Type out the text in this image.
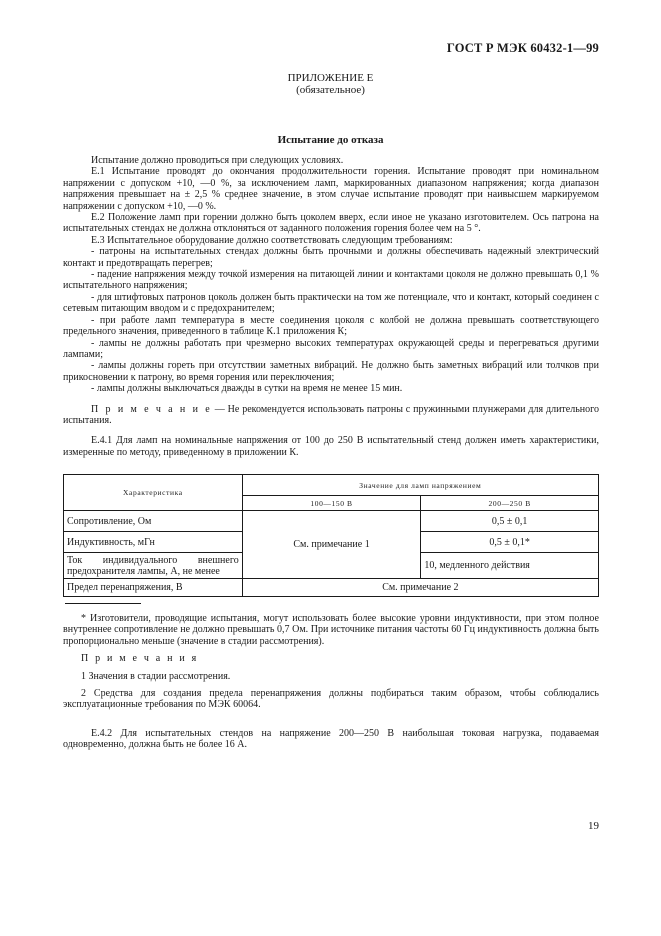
ГОСТ Р МЭК 60432-1—99
ПРИЛОЖЕНИЕ Е
(обязательное)
Испытание до отказа

Испытание должно проводиться при следующих условиях.

Е.1 Испытание проводят до окончания продолжительности горения. Испытание проводят при номинальном напряжении с допуском +10, —0 %, за исключением ламп, маркированных диапазоном напряжения; когда диапазон напряжения превышает на ± 2,5 % среднее значение, в этом случае испытание проводят при наивысшем маркируемом напряжении с допуском +10, —0 %.

Е.2 Положение ламп при горении должно быть цоколем вверх, если иное не указано изготовителем. Ось патрона на испытательных стендах не должна отклоняться от заданного положения горения более чем на 5 °.

Е.3 Испытательное оборудование должно соответствовать следующим требованиям:

- патроны на испытательных стендах должны быть прочными и должны обеспечивать надежный электрический контакт и предотвращать перегрев;

- падение напряжения между точкой измерения на питающей линии и контактами цоколя не должно превышать 0,1 % испытательного напряжения;

- для штифтовых патронов цоколь должен быть практически на том же потенциале, что и контакт, который соединен с сетевым питающим вводом и с предохранителем;

- при работе ламп температура в месте соединения цоколя с колбой не должна превышать соответствующего предельного значения, приведенного в таблице К.1 приложения К;

- лампы не должны работать при чрезмерно высоких температурах окружающей среды и перегреваться другими лампами;

- лампы должны гореть при отсутствии заметных вибраций. Не должно быть заметных вибраций или толчков при прикосновении к патрону, во время горения или переключения;

- лампы должны выключаться дважды в сутки на время не менее 15 мин.

П р и м е ч а н и е — Не рекомендуется использовать патроны с пружинными плунжерами для длительного испытания.

Е.4.1 Для ламп на номинальные напряжения от 100 до 250 В испытательный стенд должен иметь характеристики, измеренные по методу, приведенному в приложении К.

Характеристика	Значение для ламп напряжением	
	100—150 В	200—250 В
Сопротивление, Ом	См. примечание 1	0,5 ± 0,1
Индуктивность, мГн		0,5 ± 0,1*
Ток индивидуального внешнего предохранителя лампы, А, не менее		10, медленного действия
Предел перенапряжения, В	См. примечание 2	

* Изготовители, проводящие испытания, могут использовать более высокие уровни индуктивности, при этом полное внутреннее сопротивление не должно превышать 0,7 Ом. При источнике питания частоты 60 Гц индуктивность должна быть пропорционально меньше (значение в стадии рассмотрения).

П р и м е ч а н и я

1 Значения в стадии рассмотрения.

2 Средства для создания предела перенапряжения должны подбираться таким образом, чтобы соблюдались эксплуатационные требования по МЭК 60064.

Е.4.2 Для испытательных стендов на напряжение 200—250 В наибольшая токовая нагрузка, подаваемая одновременно, должна быть не более 16 А.

19
